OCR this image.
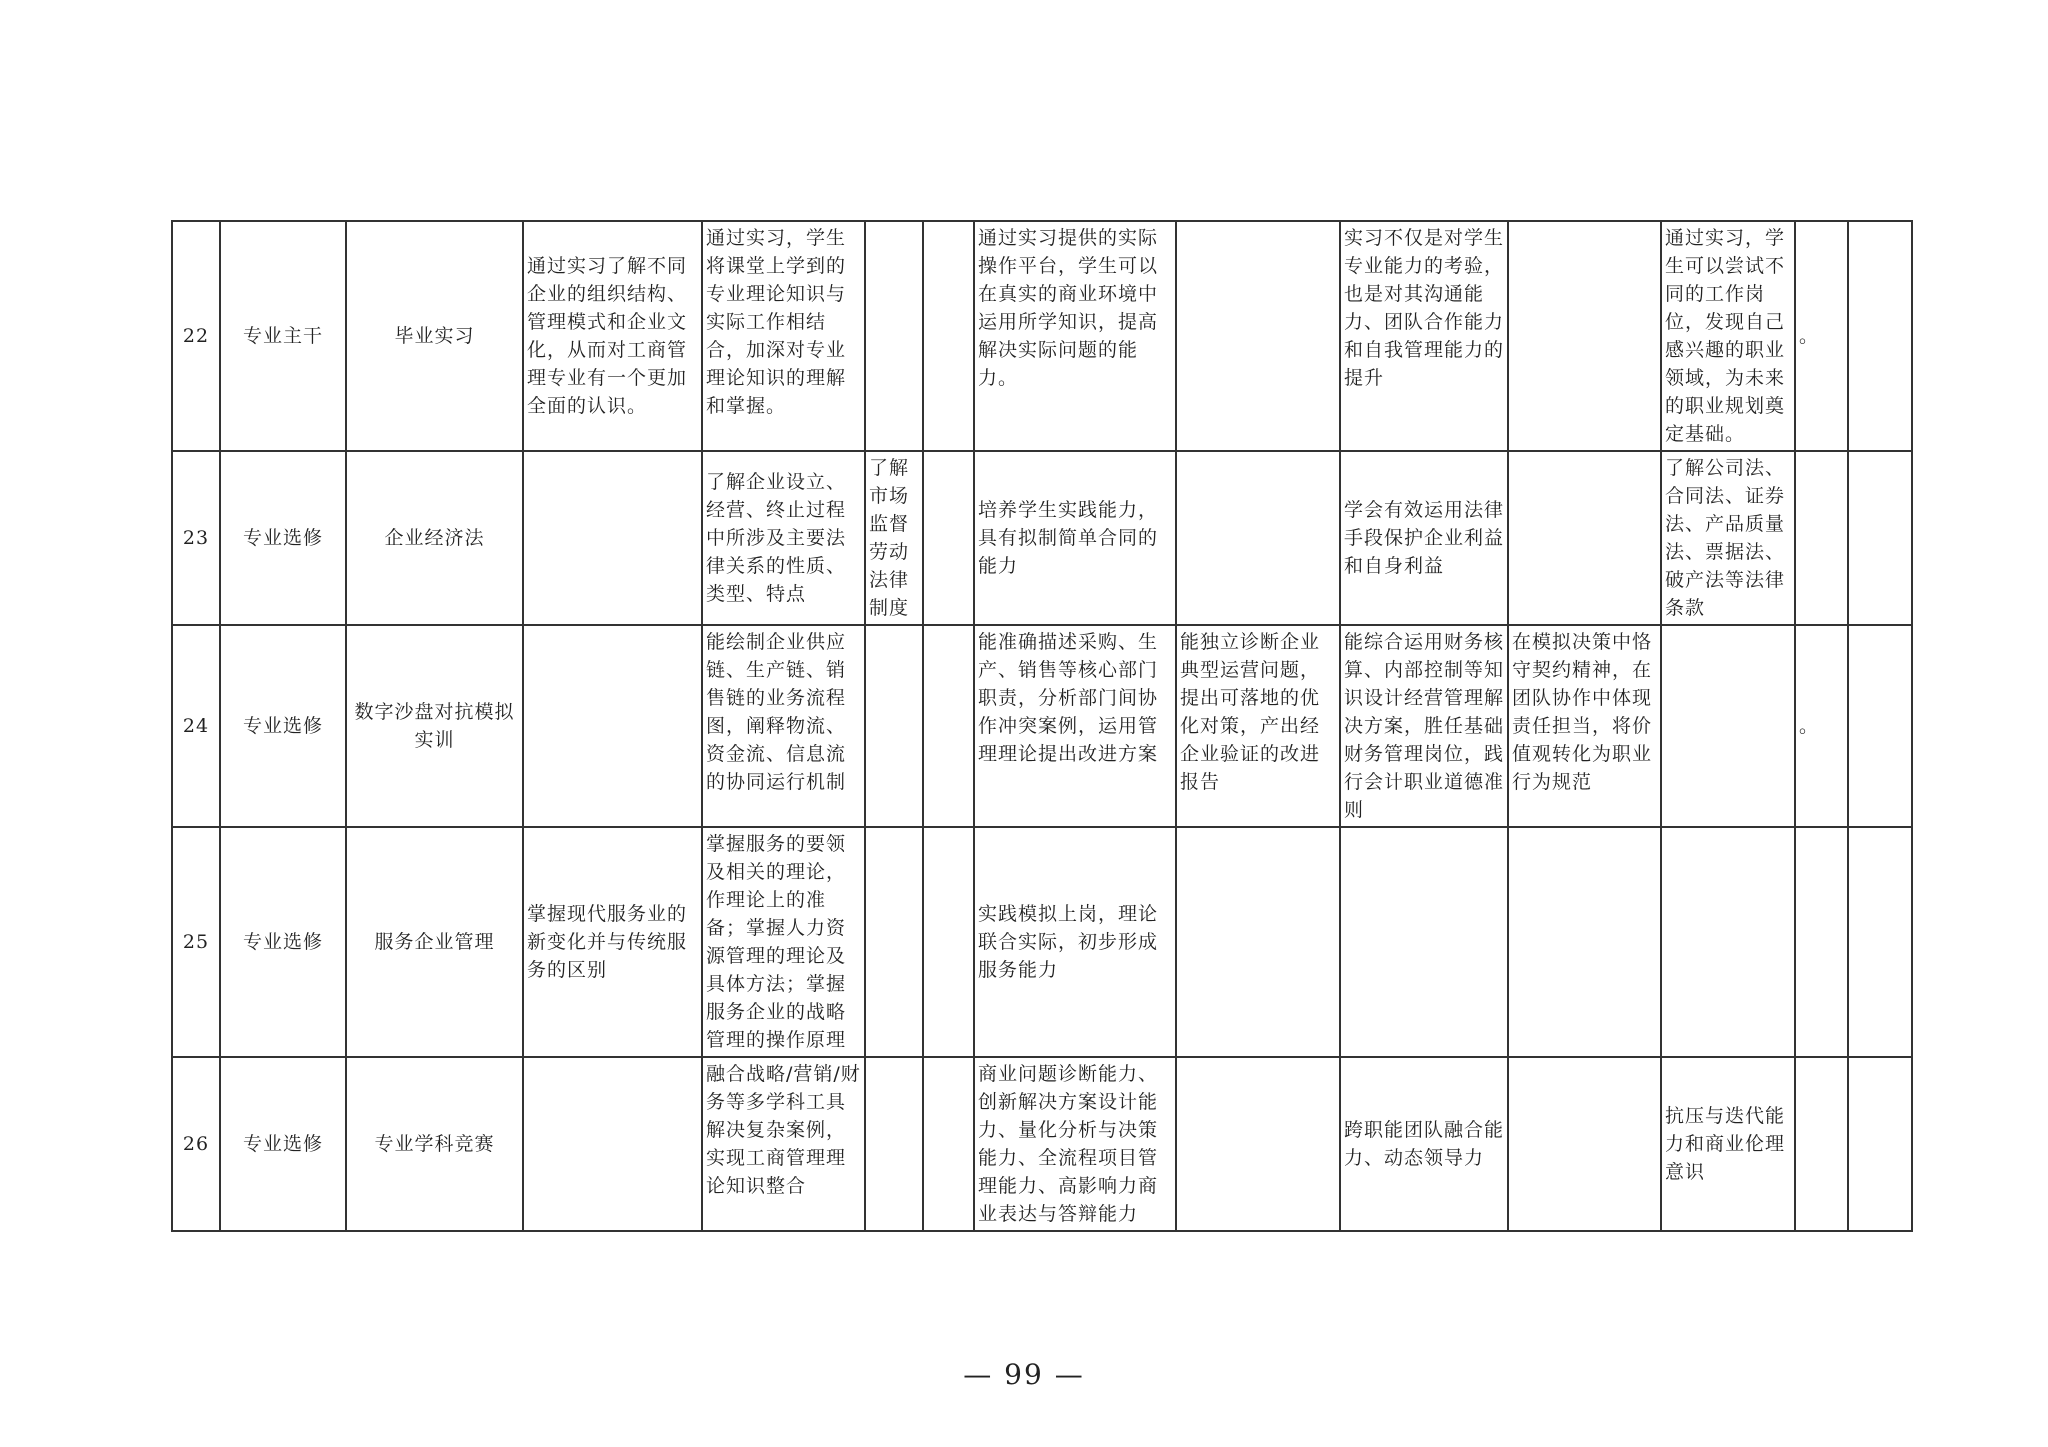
22	专业主干	毕业实习	通过实习了解不同企业的组织结构、管理模式和企业文化，从而对工商管理专业有一个更加全面的认识。	通过实习，学生将课堂上学到的专业理论知识与实际工作相结合，加深对专业理论知识的理解和掌握。			通过实习提供的实际操作平台，学生可以在真实的商业环境中运用所学知识，提高解决实际问题的能力。		实习不仅是对学生专业能力的考验，也是对其沟通能力、团队合作能力和自我管理能力的提升		通过实习，学生可以尝试不同的工作岗位，发现自己感兴趣的职业领域，为未来的职业规划奠定基础。	。	
23	专业选修	企业经济法		了解企业设立、经营、终止过程中所涉及主要法律关系的性质、类型、特点	了解市场监督劳动法律制度		培养学生实践能力，具有拟制简单合同的能力		学会有效运用法律手段保护企业利益和自身利益		了解公司法、合同法、证券法、产品质量法、票据法、破产法等法律条款		
24	专业选修	数字沙盘对抗模拟实训		能绘制企业供应链、生产链、销售链的业务流程图，阐释物流、资金流、信息流的协同运行机制			能准确描述采购、生产、销售等核心部门职责，分析部门间协作冲突案例，运用管理理论提出改进方案	能独立诊断企业典型运营问题，提出可落地的优化对策，产出经企业验证的改进报告	能综合运用财务核算、内部控制等知识设计经营管理解决方案，胜任基础财务管理岗位，践行会计职业道德准则	在模拟决策中恪守契约精神，在团队协作中体现责任担当，将价值观转化为职业行为规范		。	
25	专业选修	服务企业管理	掌握现代服务业的新变化并与传统服务的区别	掌握服务的要领及相关的理论，作理论上的准备；掌握人力资源管理的理论及具体方法；掌握服务企业的战略管理的操作原理			实践模拟上岗，理论联合实际，初步形成服务能力						
26	专业选修	专业学科竞赛		融合战略/营销/财务等多学科工具解决复杂案例，实现工商管理理论知识整合			商业问题诊断能力、创新解决方案设计能力、量化分析与决策能力、全流程项目管理能力、高影响力商业表达与答辩能力		跨职能团队融合能力、动态领导力		抗压与迭代能力和商业伦理意识		
— 99 —
